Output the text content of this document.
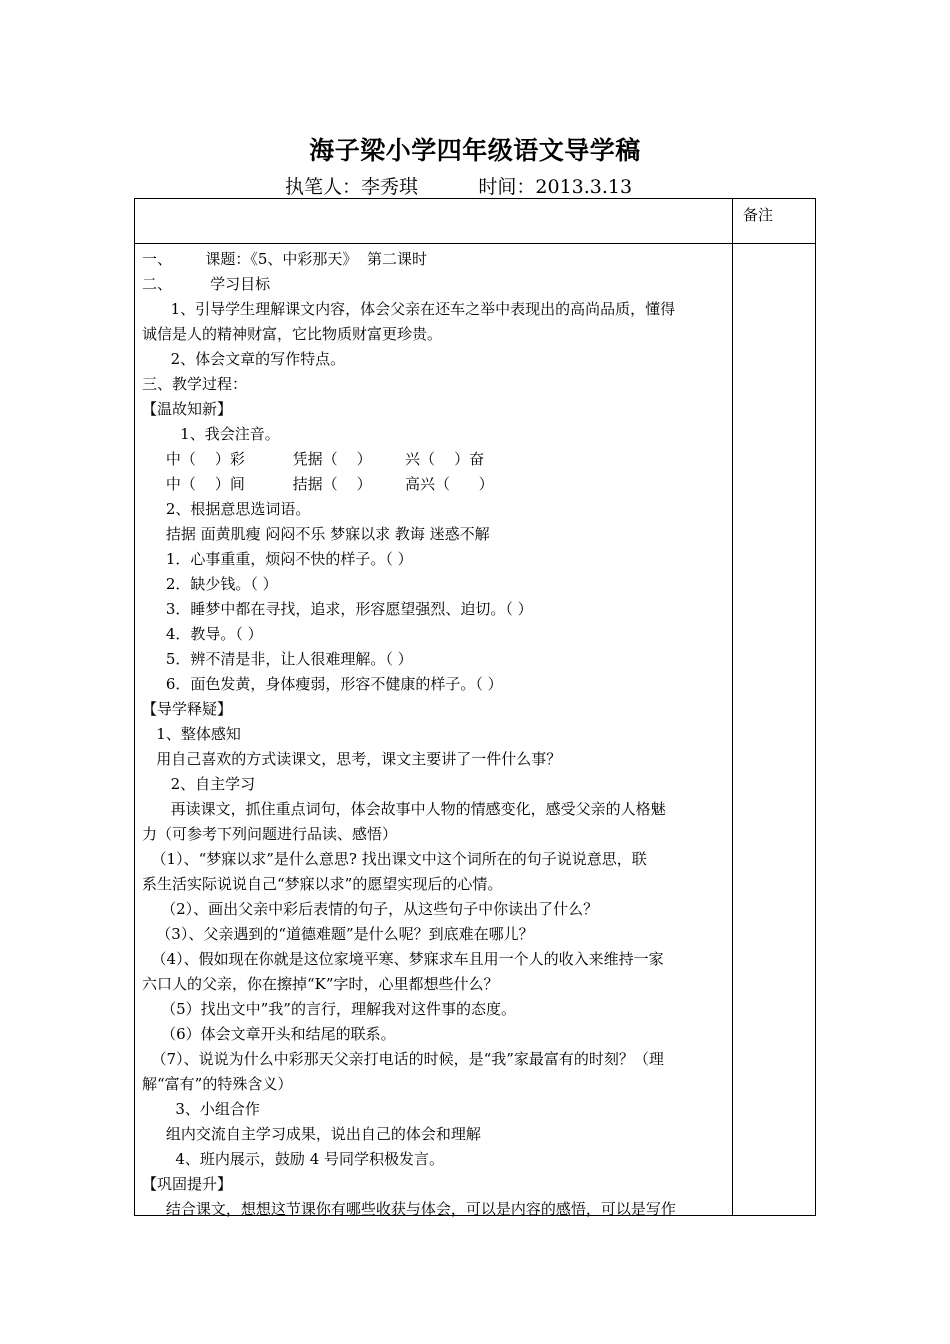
海子梁小学四年级语文导学稿
执笔人：李秀琪          时间：2013.3.13
备注
一、       课题：《5、中彩那天》  第二课时
二、        学习目标
1、引导学生理解课文内容，体会父亲在还车之举中表现出的高尚品质，懂得
诚信是人的精神财富，它比物质财富更珍贵。
2、体会文章的写作特点。
三、教学过程：
【温故知新】
1、我会注音。
中（    ）彩          凭据（    ）       兴（    ）奋
中（    ）间          拮据（    ）       高兴（      ）
2、根据意思选词语。
拮据 面黄肌瘦 闷闷不乐 梦寐以求 教诲 迷惑不解
1．心事重重，烦闷不快的样子。（ ）
2．缺少钱。（ ）
3．睡梦中都在寻找，追求，形容愿望强烈、迫切。（ ）
4．教导。（ ）
5．辨不清是非，让人很难理解。（ ）
6．面色发黄，身体瘦弱，形容不健康的样子。（ ）
【导学释疑】
1、整体感知
用自己喜欢的方式读课文，思考，课文主要讲了一件什么事？
2、自主学习
再读课文，抓住重点词句，体会故事中人物的情感变化，感受父亲的人格魅
力（可参考下列问题进行品读、感悟）
（1）、“梦寐以求”是什么意思? 找出课文中这个词所在的句子说说意思，联
系生活实际说说自己“梦寐以求”的愿望实现后的心情。
（2）、画出父亲中彩后表情的句子，从这些句子中你读出了什么？
（3）、父亲遇到的“道德难题”是什么呢？到底难在哪儿？
（4）、假如现在你就是这位家境平寒、梦寐求车且用一个人的收入来维持一家
六口人的父亲，你在擦掉“K”字时，心里都想些什么？
（5）找出文中”我”的言行，理解我对这件事的态度。
（6）体会文章开头和结尾的联系。
（7）、说说为什么中彩那天父亲打电话的时候，是“我”家最富有的时刻？（理
解“富有”的特殊含义）
3、小组合作
组内交流自主学习成果，说出自己的体会和理解
4、班内展示，鼓励 4 号同学积极发言。
【巩固提升】
结合课文，想想这节课你有哪些收获与体会，可以是内容的感悟，可以是写作
